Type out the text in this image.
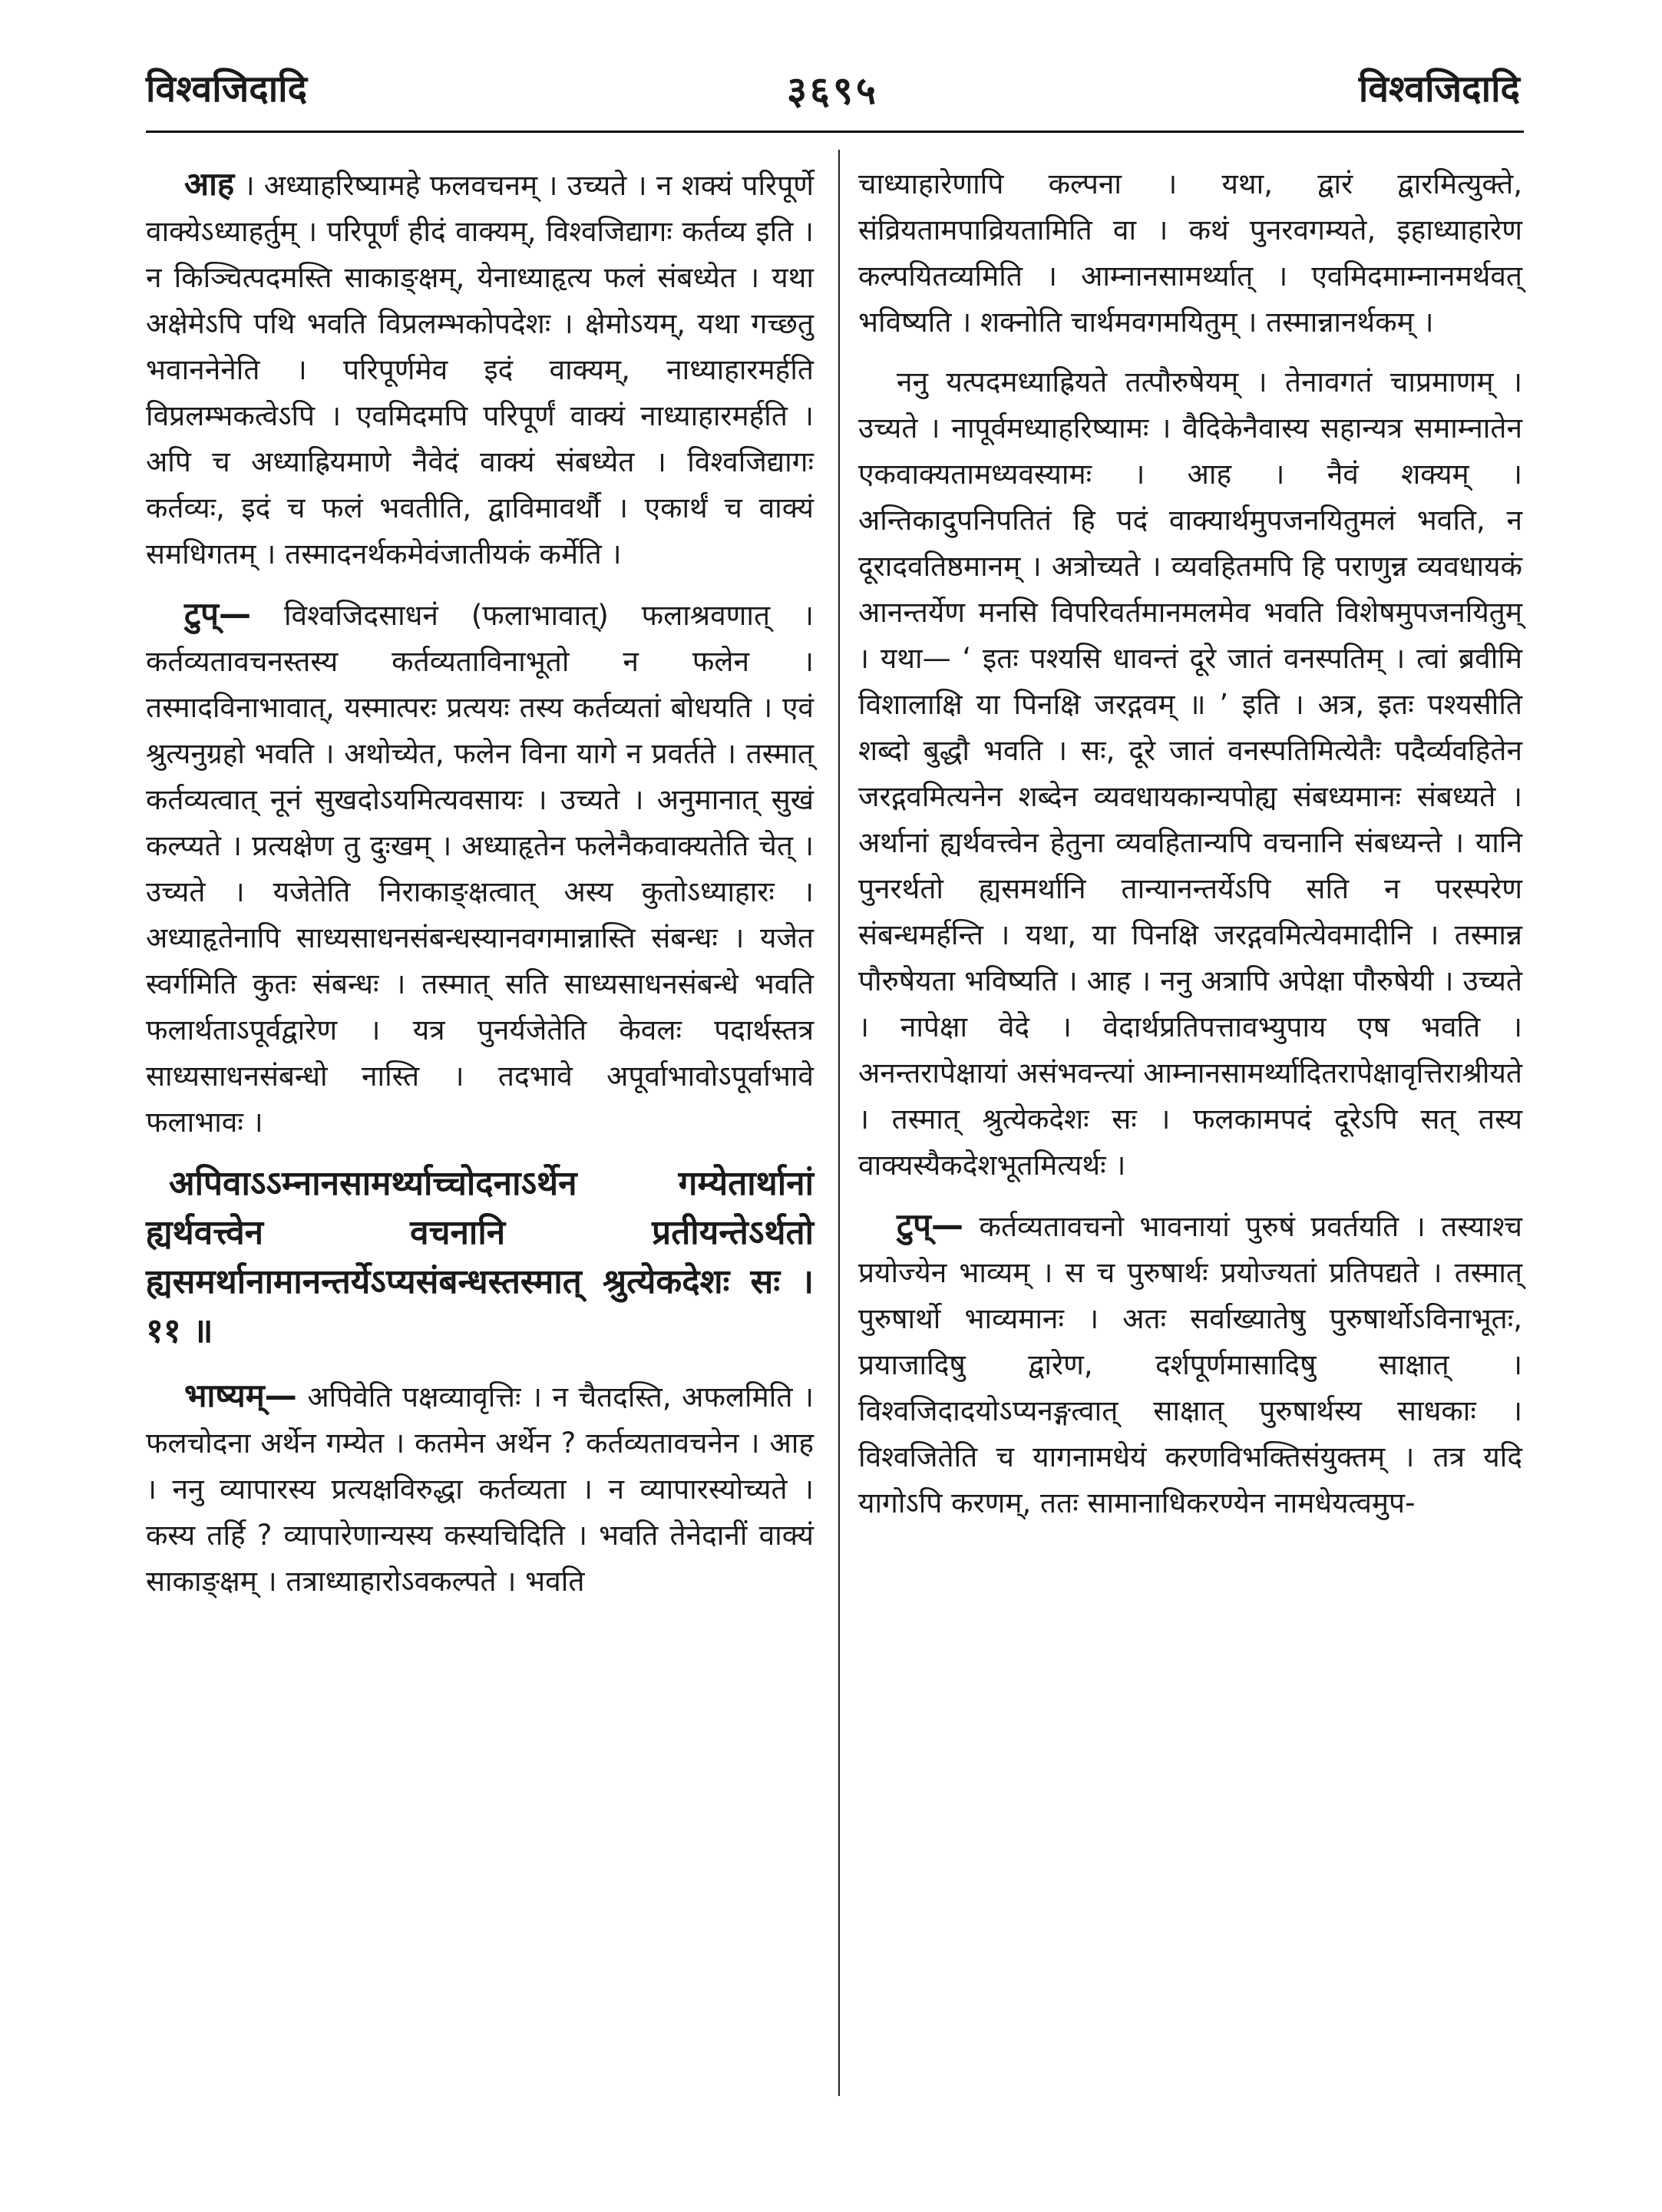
विश्वजिदादि	३६९५	विश्वजिदादि

आह । अध्याहरिष्यामहे फलवचनम् । उच्यते । न शक्यं परिपूर्णे वाक्येऽध्याहर्तुम् । परिपूर्णं हीदं वाक्यम्, विश्वजिद्यागः कर्तव्य इति । न किञ्चित्पदमस्ति साकाङ्क्षम्, येनाध्याहृत्य फलं संबध्येत । यथा अक्षेमेऽपि पथि भवति विप्रलम्भकोपदेशः । क्षेमोऽयम्, यथा गच्छतु भवाननेनेति । परिपूर्णमेव इदं वाक्यम्, नाध्याहारमर्हति विप्रलम्भकत्वेऽपि । एवमिदमपि परिपूर्णं वाक्यं नाध्याहारमर्हति । अपि च अध्याह्रियमाणे नैवेदं वाक्यं संबध्येत । विश्वजिद्यागः कर्तव्यः, इदं च फलं भवतीति, द्वाविमावर्थौ । एकार्थं च वाक्यं समधिगतम् । तस्मादनर्थकमेवंजातीयकं कर्मेति ।

टुप्— विश्वजिदसाधनं (फलाभावात्) फलाश्रवणात् । कर्तव्यतावचनस्तस्य कर्तव्यताविनाभूतो न फलेन । तस्मादविनाभावात्, यस्मात्परः प्रत्ययः तस्य कर्तव्यतां बोधयति । एवं श्रुत्यनुग्रहो भवति । अथोच्येत, फलेन विना यागे न प्रवर्तते । तस्मात् कर्तव्यत्वात् नूनं सुखदोऽयमित्यवसायः । उच्यते । अनुमानात् सुखं कल्प्यते । प्रत्यक्षेण तु दुःखम् । अध्याहृतेन फलेनैकवाक्यतेति चेत् । उच्यते । यजेतेति निराकाङ्क्षत्वात् अस्य कुतोऽध्याहारः । अध्याहृतेनापि साध्यसाधनसंबन्धस्यानवगमान्नास्ति संबन्धः । यजेत स्वर्गमिति कुतः संबन्धः । तस्मात् सति साध्यसाधनसंबन्धे भवति फलार्थताऽपूर्वद्वारेण । यत्र पुनर्यजेतेति केवलः पदार्थस्तत्र साध्यसाधनसंबन्धो नास्ति । तदभावे अपूर्वाभावोऽपूर्वाभावे फलाभावः ।

अपिवाऽऽम्नानसामर्थ्याच्चोदनाऽर्थेन गम्येतार्थानां ह्यर्थवत्त्वेन वचनानि प्रतीयन्तेऽर्थतो ह्यसमर्थानामानन्तर्येऽप्यसंबन्धस्तस्मात् श्रुत्येकदेशः सः । ११ ॥

भाष्यम्— अपिवेति पक्षव्यावृत्तिः । न चैतदस्ति, अफलमिति । फलचोदना अर्थेन गम्येत । कतमेन अर्थेन ? कर्तव्यतावचनेन । आह । ननु व्यापारस्य प्रत्यक्षविरुद्धा कर्तव्यता । न व्यापारस्योच्यते । कस्य तर्हि ? व्यापारेणान्यस्य कस्यचिदिति । भवति तेनेदानीं वाक्यं साकाङ्क्षम् । तत्राध्याहारोऽवकल्पते । भवति

चाध्याहारेणापि कल्पना । यथा, द्वारं द्वारमित्युक्ते, संव्रियतामपाव्रियतामिति वा । कथं पुनरवगम्यते, इहाध्याहारेण कल्पयितव्यमिति । आम्नानसामर्थ्यात् । एवमिदमाम्नानमर्थवत् भविष्यति । शक्नोति चार्थमवगमयितुम् । तस्मान्नानर्थकम् ।

ननु यत्पदमध्याह्रियते तत्पौरुषेयम् । तेनावगतं चाप्रमाणम् । उच्यते । नापूर्वमध्याहरिष्यामः । वैदिकेनैवास्य सहान्यत्र समाम्नातेन एकवाक्यतामध्यवस्यामः । आह । नैवं शक्यम् । अन्तिकादुपनिपतितं हि पदं वाक्यार्थमुपजनयितुमलं भवति, न दूरादवतिष्ठमानम् । अत्रोच्यते । व्यवहितमपि हि पराणुन्न व्यवधायकं आनन्तर्येण मनसि विपरिवर्तमानमलमेव भवति विशेषमुपजनयितुम् । यथा— ‘ इतः पश्यसि धावन्तं दूरे जातं वनस्पतिम् । त्वां ब्रवीमि विशालाक्षि या पिनक्षि जरद्गवम् ॥ ’ इति । अत्र, इतः पश्यसीति शब्दो बुद्धौ भवति । सः, दूरे जातं वनस्पतिमित्येतैः पदैर्व्यवहितेन जरद्गवमित्यनेन शब्देन व्यवधायकान्यपोह्य संबध्यमानः संबध्यते । अर्थानां ह्यर्थवत्त्वेन हेतुना व्यवहितान्यपि वचनानि संबध्यन्ते । यानि पुनरर्थतो ह्यसमर्थानि तान्यानन्तर्येऽपि सति न परस्परेण संबन्धमर्हन्ति । यथा, या पिनक्षि जरद्गवमित्येवमादीनि । तस्मान्न पौरुषेयता भविष्यति । आह । ननु अत्रापि अपेक्षा पौरुषेयी । उच्यते । नापेक्षा वेदे । वेदार्थप्रतिपत्तावभ्युपाय एष भवति । अनन्तरापेक्षायां असंभवन्त्यां आम्नानसामर्थ्यादितरापेक्षावृत्तिराश्रीयते । तस्मात् श्रुत्येकदेशः सः । फलकामपदं दूरेऽपि सत् तस्य वाक्यस्यैकदेशभूतमित्यर्थः ।

टुप्— कर्तव्यतावचनो भावनायां पुरुषं प्रवर्तयति । तस्याश्च प्रयोज्येन भाव्यम् । स च पुरुषार्थः प्रयोज्यतां प्रतिपद्यते । तस्मात् पुरुषार्थो भाव्यमानः । अतः सर्वाख्यातेषु पुरुषार्थोऽविनाभूतः, प्रयाजादिषु द्वारेण, दर्शपूर्णमासादिषु साक्षात् । विश्वजिदादयोऽप्यनङ्गत्वात् साक्षात् पुरुषार्थस्य साधकाः । विश्वजितेति च यागनामधेयं करणविभक्तिसंयुक्तम् । तत्र यदि यागोऽपि करणम्, ततः सामानाधिकरण्येन नामधेयत्वमुप-
